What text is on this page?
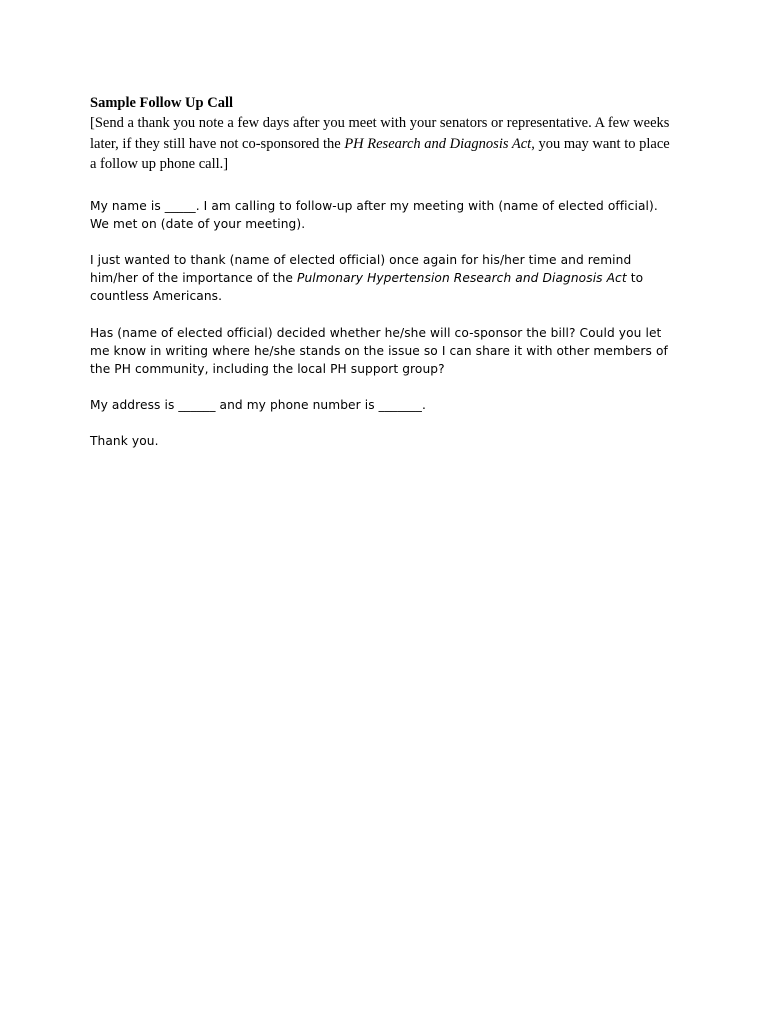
Sample Follow Up Call

[Send a thank you note a few days after you meet with your senators or representative. A few weeks later, if they still have not co-sponsored the PH Research and Diagnosis Act, you may want to place a follow up phone call.]

My name is _____. I am calling to follow-up after my meeting with (name of elected official). We met on (date of your meeting).

I just wanted to thank (name of elected official) once again for his/her time and remind him/her of the importance of the Pulmonary Hypertension Research and Diagnosis Act to countless Americans.

Has (name of elected official) decided whether he/she will co-sponsor the bill? Could you let me know in writing where he/she stands on the issue so I can share it with other members of the PH community, including the local PH support group?

My address is ______ and my phone number is _______.

Thank you.
